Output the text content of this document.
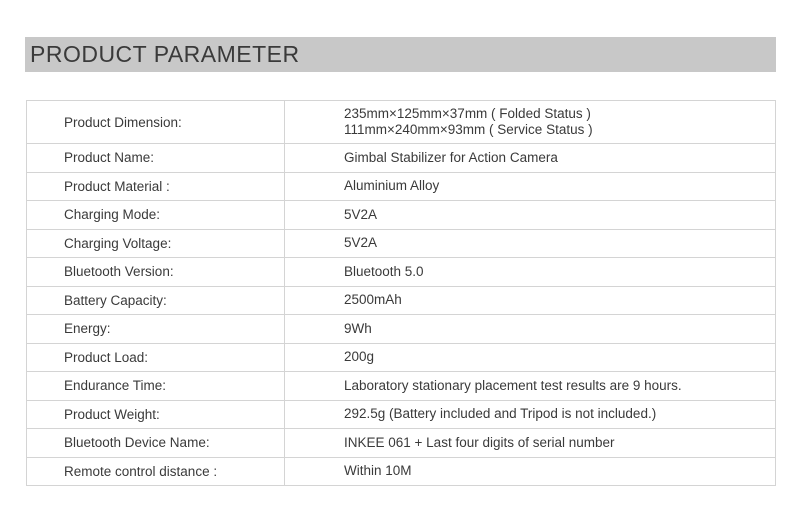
PRODUCT PARAMETER
Product Dimension:	235mm×125mm×37mm ( Folded Status )
111mm×240mm×93mm ( Service Status )

Product Name:	Gimbal Stabilizer for Action Camera

Product Material :	Aluminium Alloy

Charging Mode:	5V2A

Charging Voltage:	5V2A

Bluetooth Version:	Bluetooth 5.0

Battery Capacity:	2500mAh

Energy:	9Wh

Product Load:	200g

Endurance Time:	Laboratory stationary placement test results are 9 hours.

Product Weight:	292.5g (Battery included and Tripod is not included.)

Bluetooth Device Name:	INKEE 061 + Last four digits of serial number

Remote control distance :	Within 10M
